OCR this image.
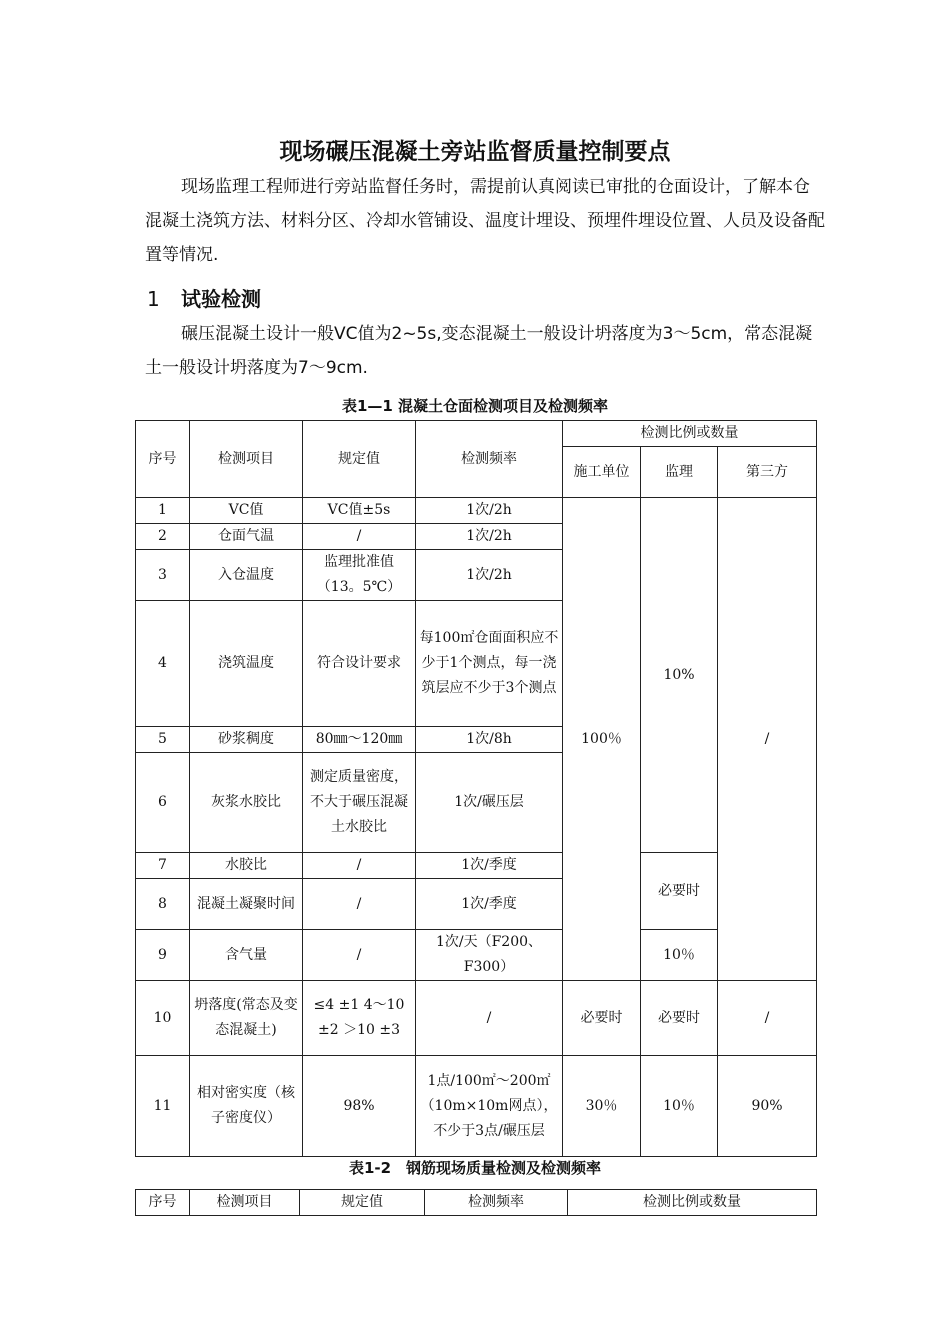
现场碾压混凝土旁站监督质量控制要点

现场监理工程师进行旁站监督任务时，需提前认真阅读已审批的仓面设计，了解本仓混凝土浇筑方法、材料分区、冷却水管铺设、温度计埋设、预埋件埋设位置、人员及设备配置等情况.

1 试验检测

碾压混凝土设计一般VC值为2~5s,变态混凝土一般设计坍落度为3～5cm，常态混凝土一般设计坍落度为7～9cm.

表1—1 混凝土仓面检测项目及检测频率
序号	检测项目	规定值	检测频率	检测比例或数量		
				施工单位	监理	第三方
1	VC值	VC值±5s	1次/2h	100％	10%	/
2	仓面气温	/	1次/2h			
3	入仓温度	监理批准值（13。5℃）	1次/2h			
4	浇筑温度	符合设计要求	每100㎡仓面面积应不少于1个测点，每一浇筑层应不少于3个测点			
5	砂浆稠度	80㎜～120㎜	1次/8h			
6	灰浆水胶比	测定质量密度，不大于碾压混凝土水胶比	1次/碾压层			
7	水胶比	/	1次/季度		必要时	
8	混凝土凝聚时间	/	1次/季度			
9	含气量	/	1次/天（F200、F300）		10％	
10	坍落度(常态及变态混凝土)	≤4 ±1 4～10 ±2 ＞10 ±3	/	必要时	必要时	/
11	相对密实度（核子密度仪）	98%	1点/100㎡～200㎡（10m×10m网点），不少于3点/碾压层	30％	10％	90%
表1-2　钢筋现场质量检测及检测频率
序号	检测项目	规定值	检测频率	检测比例或数量
